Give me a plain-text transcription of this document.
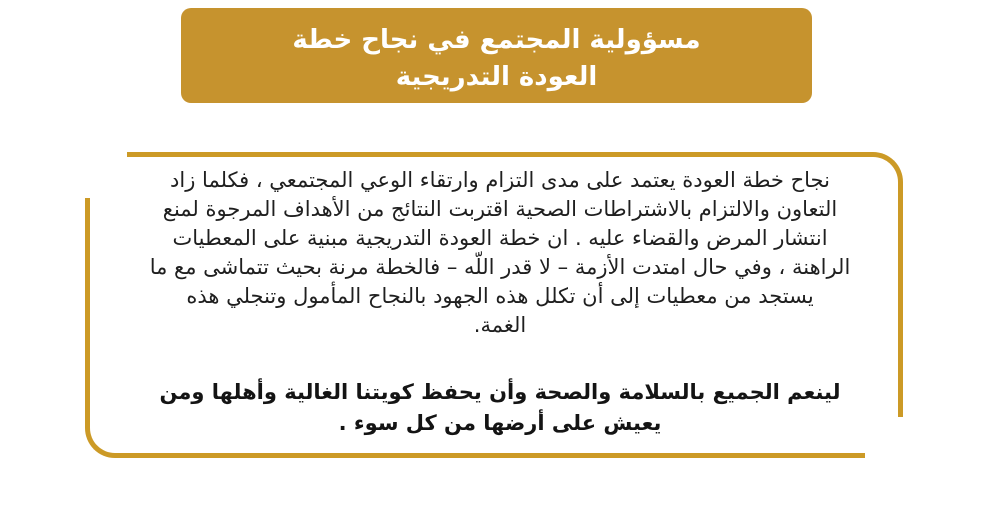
مسؤولية المجتمع في نجاح خطة
العودة التدريجية
نجاح خطة العودة يعتمد على مدى التزام وارتقاء الوعي المجتمعي ، فكلما زاد
التعاون والالتزام بالاشتراطات الصحية اقتربت النتائج من الأهداف المرجوة لمنع
انتشار المرض والقضاء عليه . ان خطة العودة التدريجية مبنية على المعطيات
الراهنة ، وفي حال امتدت الأزمة – لا قدر اللّه – فالخطة مرنة بحيث تتماشى مع ما
يستجد من معطيات إلى أن تكلل هذه الجهود بالنجاح المأمول وتنجلي هذه
الغمة.
لينعم الجميع بالسلامة والصحة وأن يحفظ كويتنا الغالية وأهلها ومن
يعيش على أرضها من كل سوء .
